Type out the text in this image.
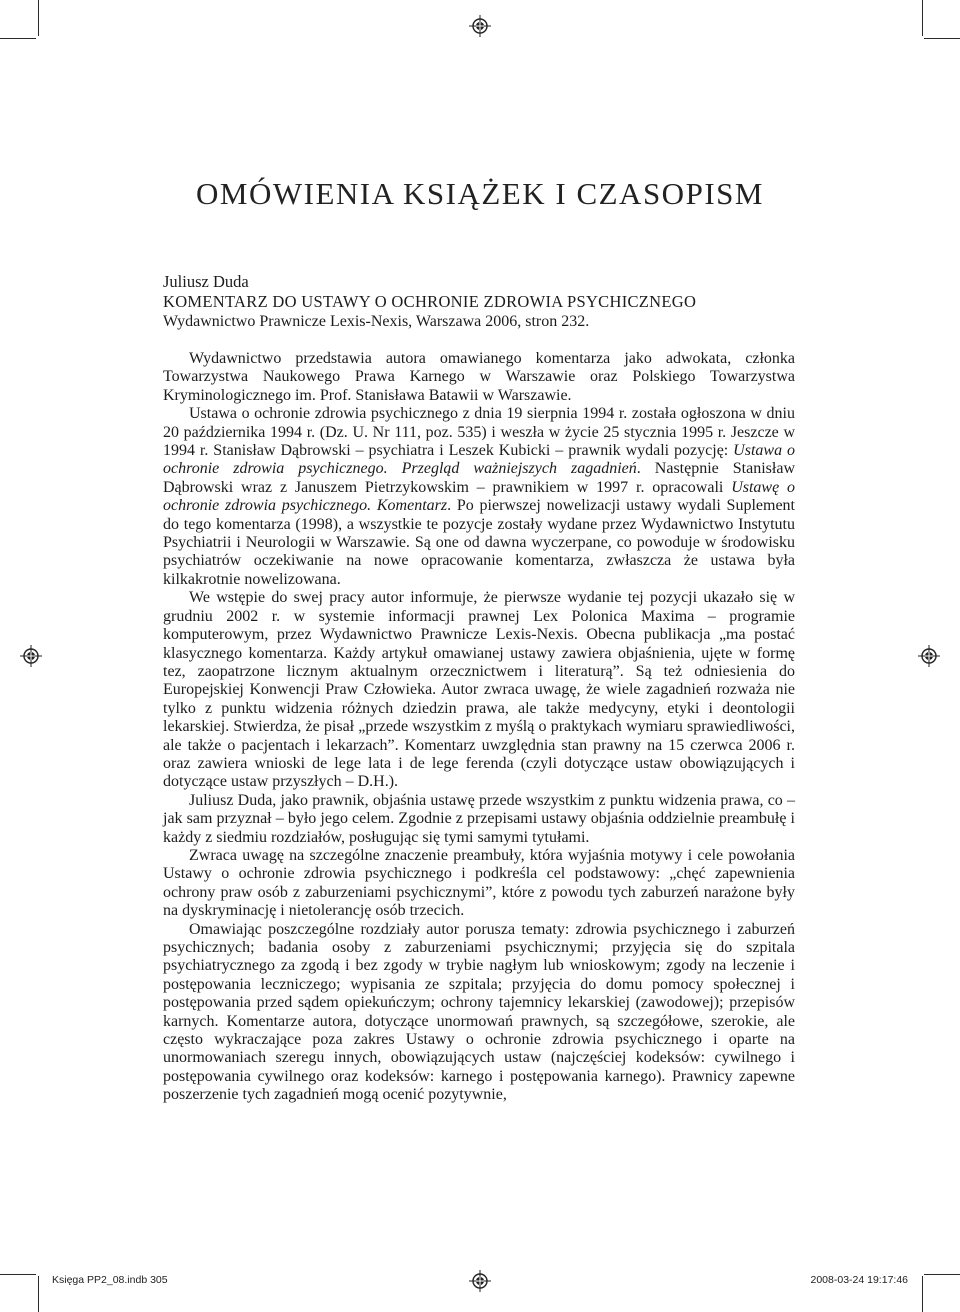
OMÓWIENIA KSIĄŻEK I CZASOPISM
Juliusz Duda
KOMENTARZ DO USTAWY O OCHRONIE ZDROWIA PSYCHICZNEGO
Wydawnictwo Prawnicze Lexis-Nexis, Warszawa 2006, stron 232.

Wydawnictwo przedstawia autora omawianego komentarza jako adwokata, członka Towarzystwa Naukowego Prawa Karnego w Warszawie oraz Polskiego Towarzystwa Kryminologicznego im. Prof. Stanisława Batawii w Warszawie.

Ustawa o ochronie zdrowia psychicznego z dnia 19 sierpnia 1994 r. została ogłoszona w dniu 20 października 1994 r. (Dz. U. Nr 111, poz. 535) i weszła w życie 25 stycznia 1995 r. Jeszcze w 1994 r. Stanisław Dąbrowski – psychiatra i Leszek Kubicki – prawnik wydali pozycję: Ustawa o ochronie zdrowia psychicznego. Przegląd ważniejszych zagadnień. Następnie Stanisław Dąbrowski wraz z Januszem Pietrzykowskim – prawnikiem w 1997 r. opracowali Ustawę o ochronie zdrowia psychicznego. Komentarz. Po pierwszej nowelizacji ustawy wydali Suplement do tego komentarza (1998), a wszystkie te pozycje zostały wydane przez Wydawnictwo Instytutu Psychiatrii i Neurologii w Warszawie. Są one od dawna wyczerpane, co powoduje w środowisku psychiatrów oczekiwanie na nowe opracowanie komentarza, zwłaszcza że ustawa była kilkakrotnie nowelizowana.

We wstępie do swej pracy autor informuje, że pierwsze wydanie tej pozycji ukazało się w grudniu 2002 r. w systemie informacji prawnej Lex Polonica Maxima – programie komputerowym, przez Wydawnictwo Prawnicze Lexis-Nexis. Obecna publikacja „ma postać klasycznego komentarza. Każdy artykuł omawianej ustawy zawiera objaśnienia, ujęte w formę tez, zaopatrzone licznym aktualnym orzecznictwem i literaturą”. Są też odniesienia do Europejskiej Konwencji Praw Człowieka. Autor zwraca uwagę, że wiele zagadnień rozważa nie tylko z punktu widzenia różnych dziedzin prawa, ale także medycyny, etyki i deontologii lekarskiej. Stwierdza, że pisał „przede wszystkim z myślą o praktykach wymiaru sprawiedliwości, ale także o pacjentach i lekarzach”. Komentarz uwzględnia stan prawny na 15 czerwca 2006 r. oraz zawiera wnioski de lege lata i de lege ferenda (czyli dotyczące ustaw obowiązujących i dotyczące ustaw przyszłych – D.H.).

Juliusz Duda, jako prawnik, objaśnia ustawę przede wszystkim z punktu widzenia prawa, co – jak sam przyznał – było jego celem. Zgodnie z przepisami ustawy objaśnia oddzielnie preambułę i każdy z siedmiu rozdziałów, posługując się tymi samymi tytułami.

Zwraca uwagę na szczególne znaczenie preambuły, która wyjaśnia motywy i cele powołania Ustawy o ochronie zdrowia psychicznego i podkreśla cel podstawowy: „chęć zapewnienia ochrony praw osób z zaburzeniami psychicznymi”, które z powodu tych zaburzeń narażone były na dyskryminację i nietolerancję osób trzecich.

Omawiając poszczególne rozdziały autor porusza tematy: zdrowia psychicznego i zaburzeń psychicznych; badania osoby z zaburzeniami psychicznymi; przyjęcia się do szpitala psychiatrycznego za zgodą i bez zgody w trybie nagłym lub wnioskowym; zgody na leczenie i postępowania leczniczego; wypisania ze szpitala; przyjęcia do domu pomocy społecznej i postępowania przed sądem opiekuńczym; ochrony tajemnicy lekarskiej (zawodowej); przepisów karnych. Komentarze autora, dotyczące unormowań prawnych, są szczegółowe, szerokie, ale często wykraczające poza zakres Ustawy o ochronie zdrowia psychicznego i oparte na unormowaniach szeregu innych, obowiązujących ustaw (najczęściej kodeksów: cywilnego i postępowania cywilnego oraz kodeksów: karnego i postępowania karnego). Prawnicy zapewne poszerzenie tych zagadnień mogą ocenić pozytywnie,

Księga PP2_08.indb 305	2008-03-24 19:17:46
